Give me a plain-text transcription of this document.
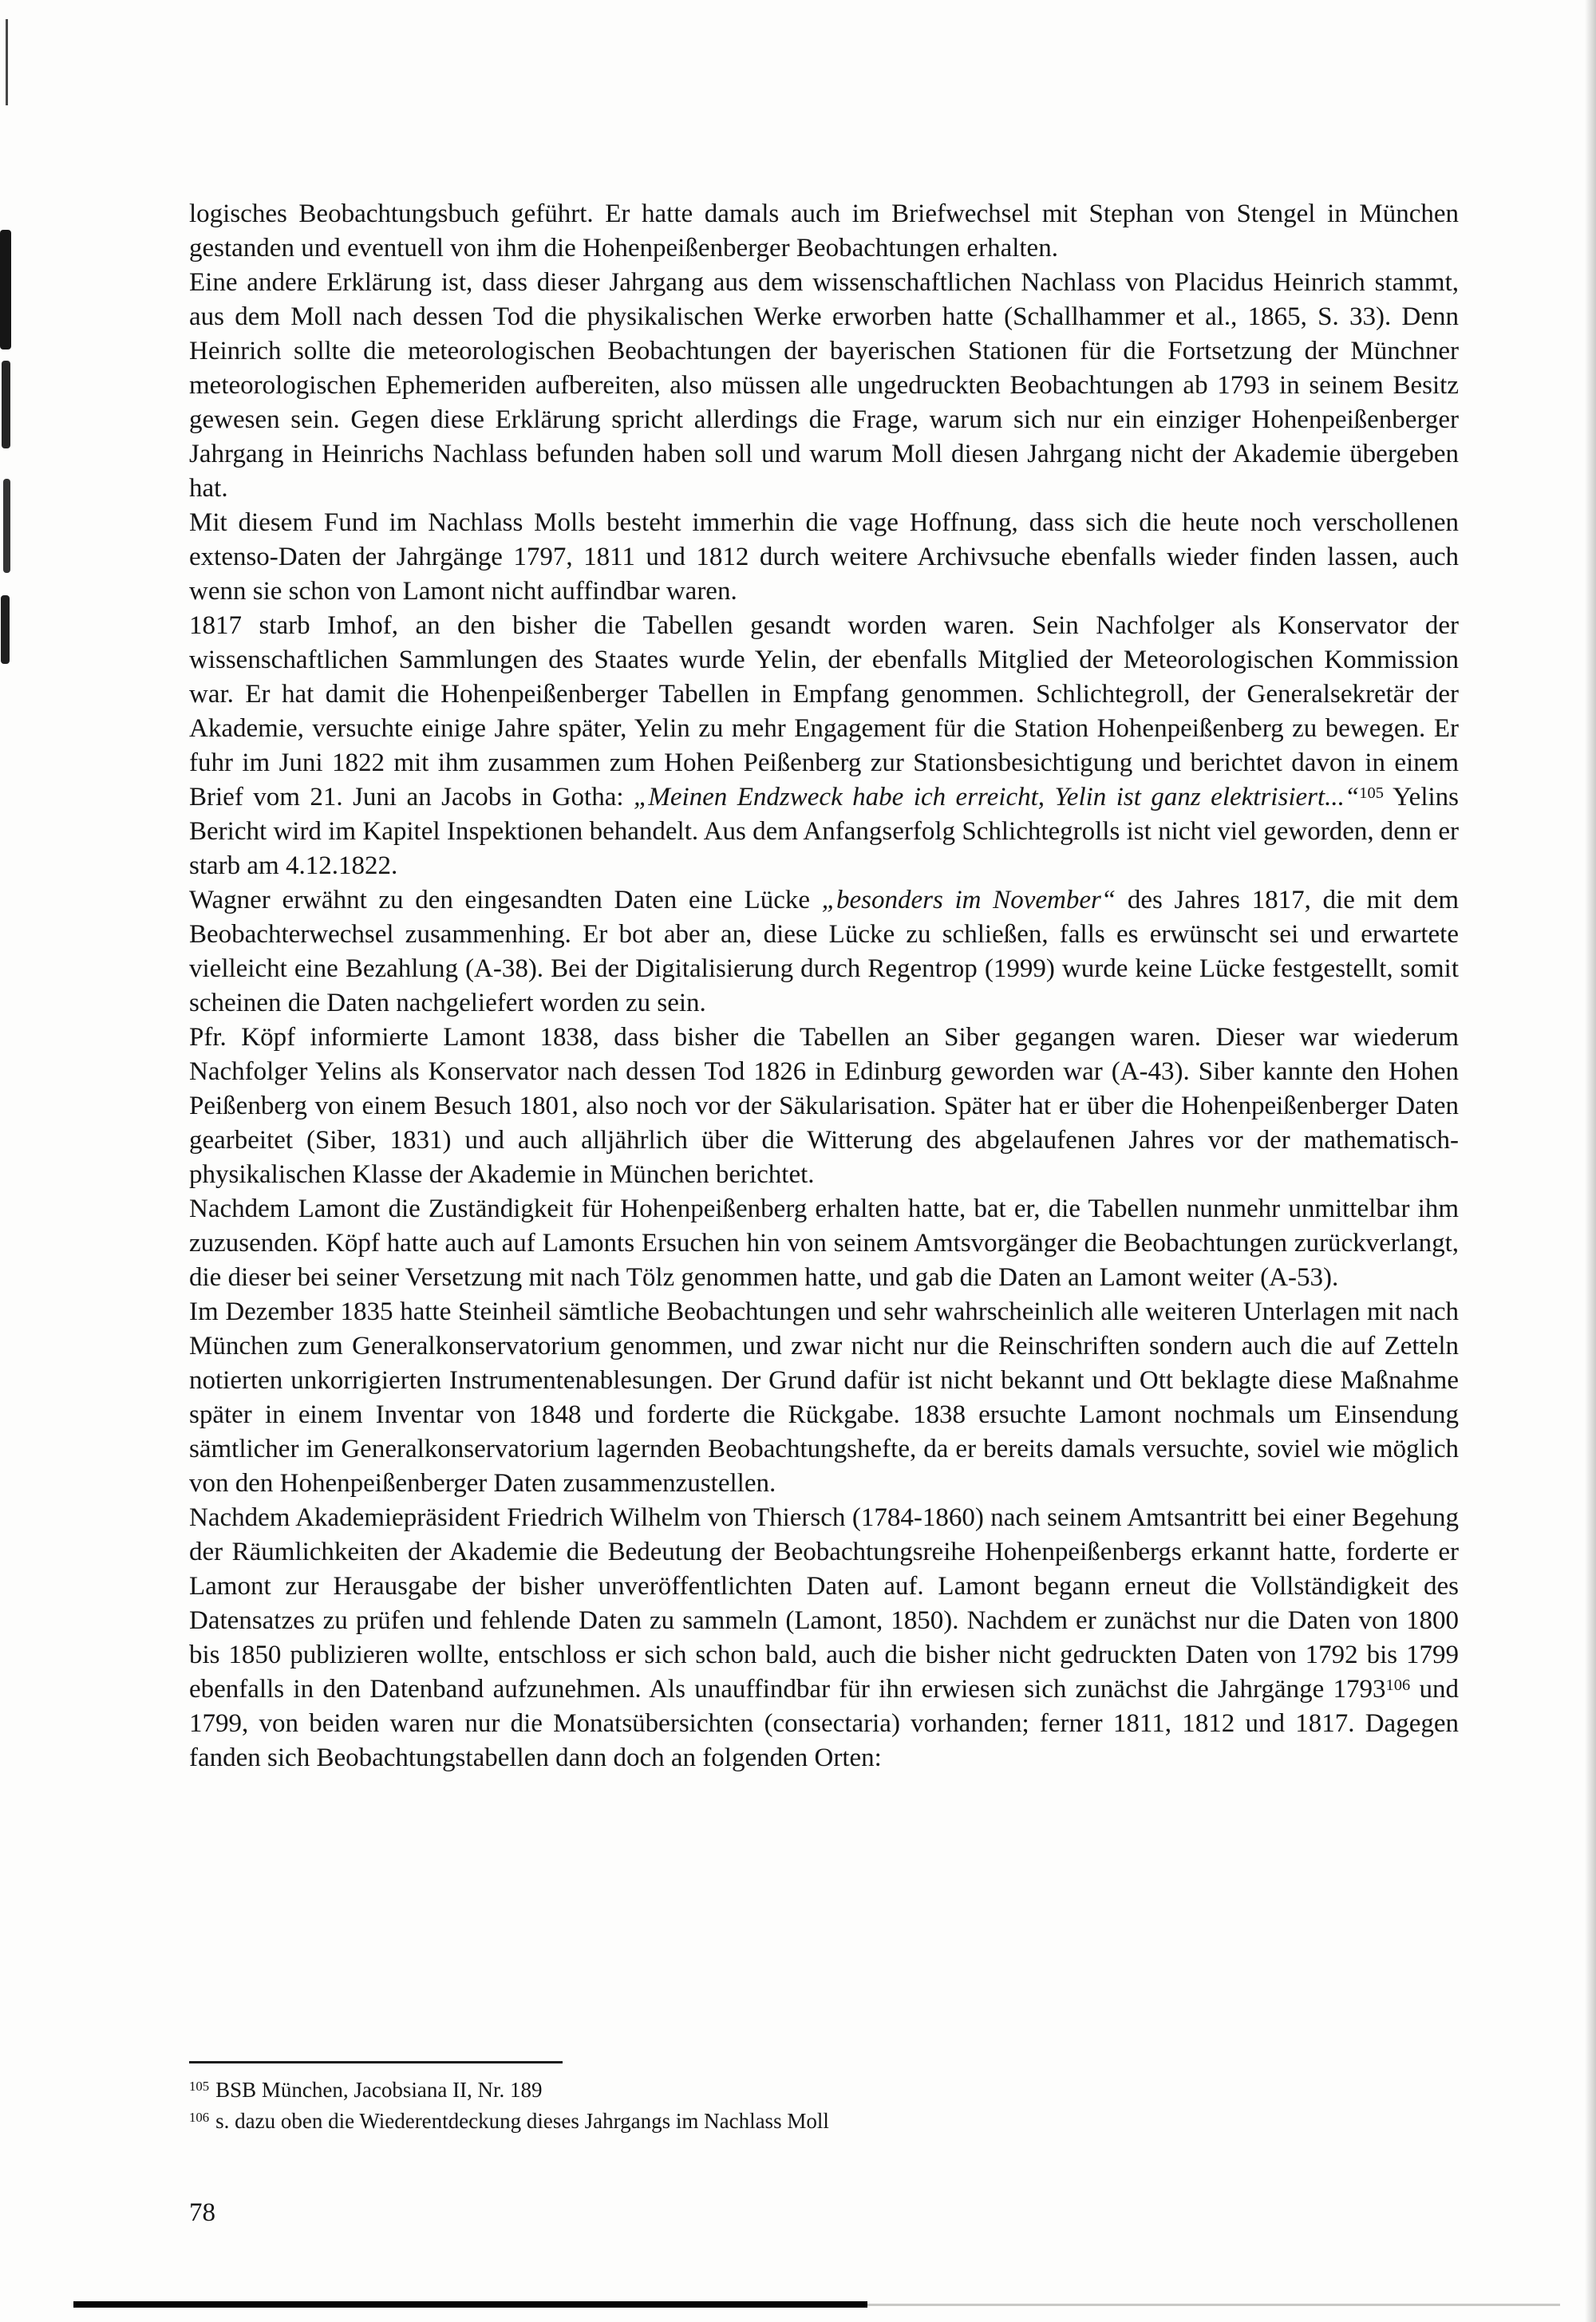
logisches Beobachtungsbuch geführt. Er hatte damals auch im Briefwechsel mit Stephan von Stengel in München gestanden und eventuell von ihm die Hohenpeißenberger Beobachtungen erhalten.

Eine andere Erklärung ist, dass dieser Jahrgang aus dem wissenschaftlichen Nachlass von Placidus Heinrich stammt, aus dem Moll nach dessen Tod die physikalischen Werke erworben hatte (Schallhammer et al., 1865, S. 33). Denn Heinrich sollte die meteorologischen Beobachtungen der bayerischen Stationen für die Fortsetzung der Münchner meteorologischen Ephemeriden aufbereiten, also müssen alle ungedruckten Beobachtungen ab 1793 in seinem Besitz gewesen sein. Gegen diese Erklärung spricht allerdings die Frage, warum sich nur ein einziger Hohenpeißenberger Jahrgang in Heinrichs Nachlass befunden haben soll und warum Moll diesen Jahrgang nicht der Akademie übergeben hat.

Mit diesem Fund im Nachlass Molls besteht immerhin die vage Hoffnung, dass sich die heute noch verschollenen extenso-Daten der Jahrgänge 1797, 1811 und 1812 durch weitere Archivsuche ebenfalls wieder finden lassen, auch wenn sie schon von Lamont nicht auffindbar waren.

1817 starb Imhof, an den bisher die Tabellen gesandt worden waren. Sein Nachfolger als Konservator der wissenschaftlichen Sammlungen des Staates wurde Yelin, der ebenfalls Mitglied der Meteorologischen Kommission war. Er hat damit die Hohenpeißenberger Tabellen in Empfang genommen. Schlichtegroll, der Generalsekretär der Akademie, versuchte einige Jahre später, Yelin zu mehr Engagement für die Station Hohenpeißenberg zu bewegen. Er fuhr im Juni 1822 mit ihm zusammen zum Hohen Peißenberg zur Stationsbesichtigung und berichtet davon in einem Brief vom 21. Juni an Jacobs in Gotha: „Meinen Endzweck habe ich erreicht, Yelin ist ganz elektrisiert...“$^{105}$ Yelins Bericht wird im Kapitel Inspektionen behandelt. Aus dem Anfangserfolg Schlichtegrolls ist nicht viel geworden, denn er starb am 4.12.1822.

Wagner erwähnt zu den eingesandten Daten eine Lücke „besonders im November“ des Jahres 1817, die mit dem Beobachterwechsel zusammenhing. Er bot aber an, diese Lücke zu schließen, falls es erwünscht sei und erwartete vielleicht eine Bezahlung (A-38). Bei der Digitalisierung durch Regentrop (1999) wurde keine Lücke festgestellt, somit scheinen die Daten nachgeliefert worden zu sein.

Pfr. Köpf informierte Lamont 1838, dass bisher die Tabellen an Siber gegangen waren. Dieser war wiederum Nachfolger Yelins als Konservator nach dessen Tod 1826 in Edinburg geworden war (A-43). Siber kannte den Hohen Peißenberg von einem Besuch 1801, also noch vor der Säkularisation. Später hat er über die Hohenpeißenberger Daten gearbeitet (Siber, 1831) und auch alljährlich über die Witterung des abgelaufenen Jahres vor der mathematisch-physikalischen Klasse der Akademie in München berichtet.

Nachdem Lamont die Zuständigkeit für Hohenpeißenberg erhalten hatte, bat er, die Tabellen nunmehr unmittelbar ihm zuzusenden. Köpf hatte auch auf Lamonts Ersuchen hin von seinem Amtsvorgänger die Beobachtungen zurückverlangt, die dieser bei seiner Versetzung mit nach Tölz genommen hatte, und gab die Daten an Lamont weiter (A-53).

Im Dezember 1835 hatte Steinheil sämtliche Beobachtungen und sehr wahrscheinlich alle weiteren Unterlagen mit nach München zum Generalkonservatorium genommen, und zwar nicht nur die Reinschriften sondern auch die auf Zetteln notierten unkorrigierten Instrumentenablesungen. Der Grund dafür ist nicht bekannt und Ott beklagte diese Maßnahme später in einem Inventar von 1848 und forderte die Rückgabe. 1838 ersuchte Lamont nochmals um Einsendung sämtlicher im Generalkonservatorium lagernden Beobachtungshefte, da er bereits damals versuchte, soviel wie möglich von den Hohenpeißenberger Daten zusammenzustellen.

Nachdem Akademiepräsident Friedrich Wilhelm von Thiersch (1784-1860) nach seinem Amtsantritt bei einer Begehung der Räumlichkeiten der Akademie die Bedeutung der Beobachtungsreihe Hohenpeißenbergs erkannt hatte, forderte er Lamont zur Herausgabe der bisher unveröffentlichten Daten auf. Lamont begann erneut die Vollständigkeit des Datensatzes zu prüfen und fehlende Daten zu sammeln (Lamont, 1850). Nachdem er zunächst nur die Daten von 1800 bis 1850 publizieren wollte, entschloss er sich schon bald, auch die bisher nicht gedruckten Daten von 1792 bis 1799 ebenfalls in den Datenband aufzunehmen. Als unauffindbar für ihn erwiesen sich zunächst die Jahrgänge 1793$^{106}$ und 1799, von beiden waren nur die Monatsübersichten (consectaria) vorhanden; ferner 1811, 1812 und 1817. Dagegen fanden sich Beobachtungstabellen dann doch an folgenden Orten:

$^{105}$ BSB München, Jacobsiana II, Nr. 189
$^{106}$ s. dazu oben die Wiederentdeckung dieses Jahrgangs im Nachlass Moll
78
